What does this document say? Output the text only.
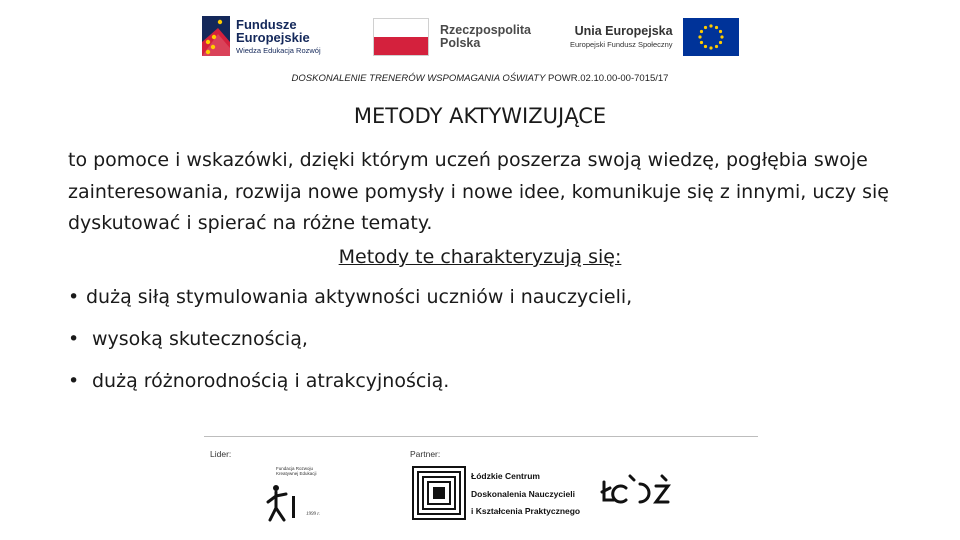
Fundusze
Europejskie
Wiedza Edukacja Rozwój
Rzeczpospolita
Polska
Unia Europejska
Europejski Fundusz Społeczny
DOSKONALENIE TRENERÓW WSPOMAGANIA OŚWIATY POWR.02.10.00-00-7015/17
METODY AKTYWIZUJĄCE

to pomoce i wskazówki, dzięki którym uczeń poszerza swoją wiedzę, pogłębia swoje zainteresowania, rozwija nowe pomysły i nowe idee, komunikuje się z innymi, uczy się dyskutować i spierać na różne tematy.

Metody te charakteryzują się:
• dużą siłą stymulowania aktywności uczniów i nauczycieli,
• wysoką skutecznością,
• dużą różnorodnością i atrakcyjnością.
Lider:	Partner:
Fundacja Rozwoju Kreatywnej Edukacji
1999 r.
Łódzkie Centrum
Doskonalenia Nauczycieli
i Kształcenia Praktycznego
